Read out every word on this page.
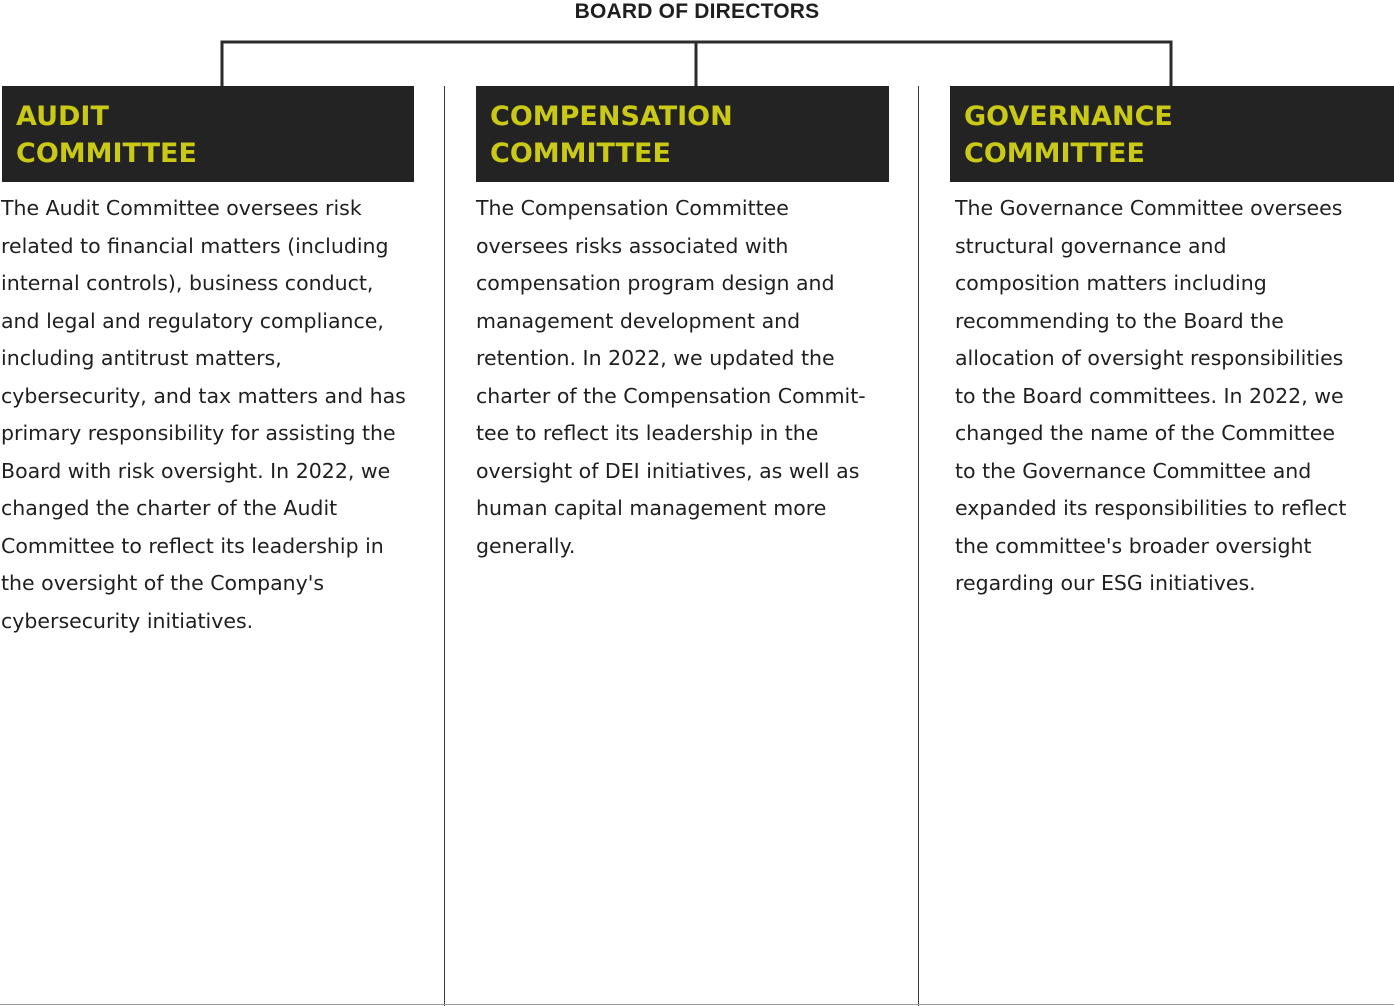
BOARD OF DIRECTORS
AUDIT
COMMITTEE
The Audit Committee oversees risk
related to financial matters (including
internal controls), business conduct,
and legal and regulatory compliance,
including antitrust matters,
cybersecurity, and tax matters and has
primary responsibility for assisting the
Board with risk oversight. In 2022, we
changed the charter of the Audit
Committee to reflect its leadership in
the oversight of the Company's
cybersecurity initiatives.
COMPENSATION
COMMITTEE
The Compensation Committee
oversees risks associated with
compensation program design and
management development and
retention. In 2022, we updated the
charter of the Compensation Commit-
tee to reflect its leadership in the
oversight of DEI initiatives, as well as
human capital management more
generally.
GOVERNANCE
COMMITTEE
The Governance Committee oversees
structural governance and
composition matters including
recommending to the Board the
allocation of oversight responsibilities
to the Board committees. In 2022, we
changed the name of the Committee
to the Governance Committee and
expanded its responsibilities to reflect
the committee's broader oversight
regarding our ESG initiatives.
